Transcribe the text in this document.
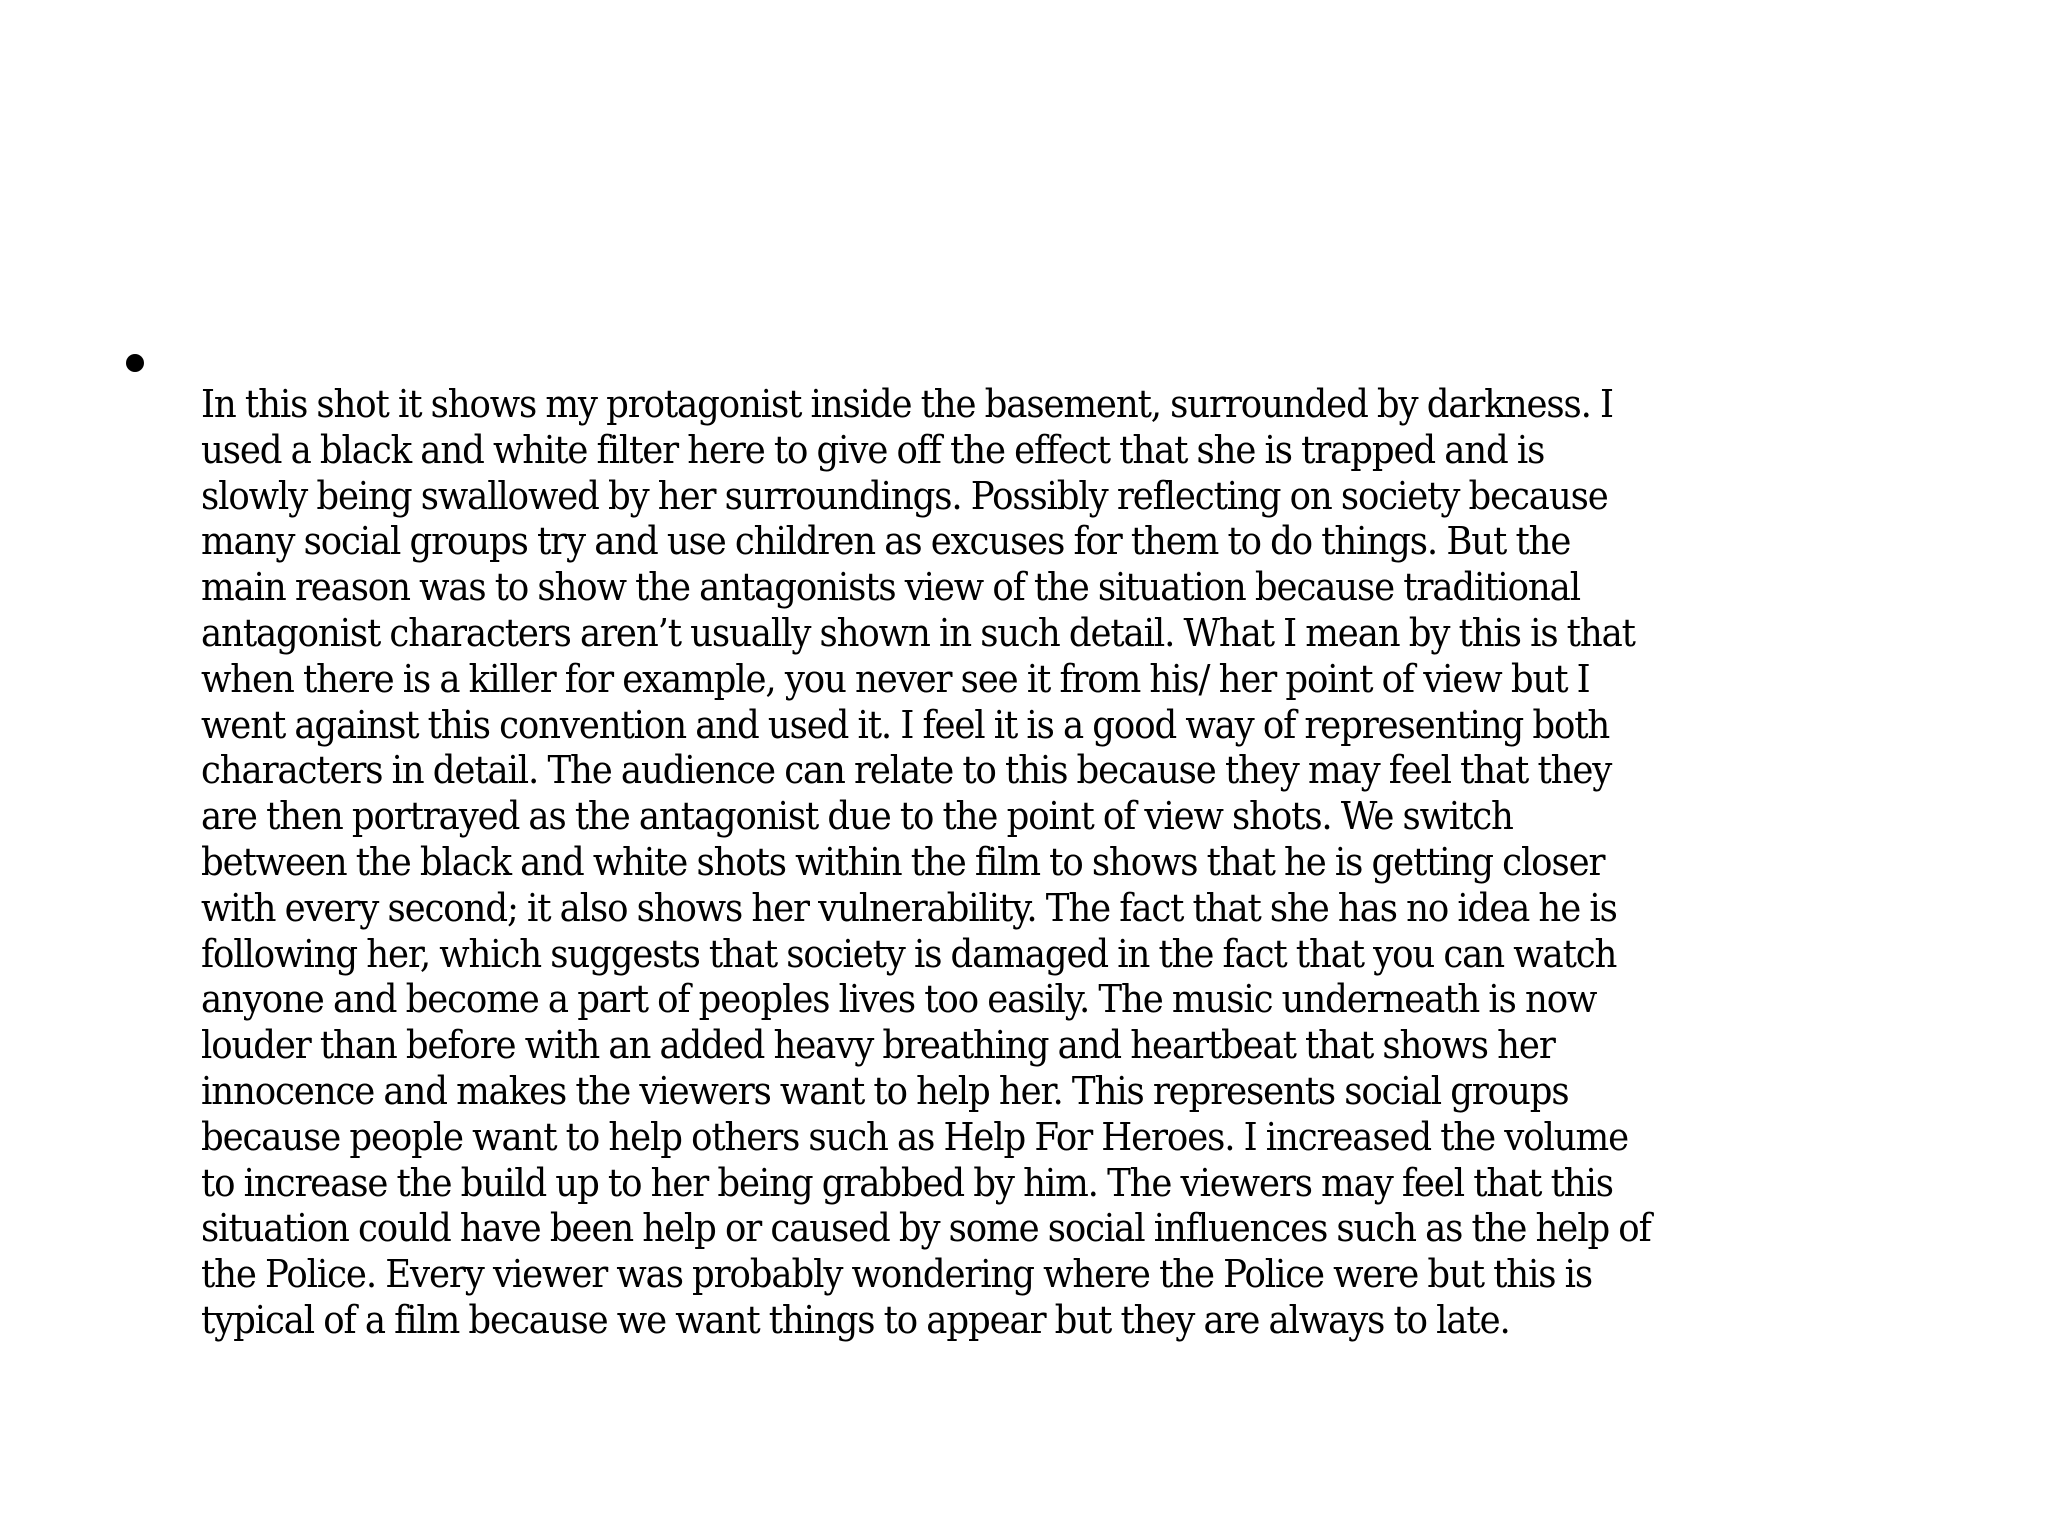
In this shot it shows my protagonist inside the basement, surrounded by darkness. I
used a black and white filter here to give off the effect that she is trapped and is
slowly being swallowed by her surroundings. Possibly reflecting on society because
many social groups try and use children as excuses for them to do things. But the
main reason was to show the antagonists view of the situation because traditional
antagonist characters aren’t usually shown in such detail. What I mean by this is that
when there is a killer for example, you never see it from his/ her point of view but I
went against this convention and used it. I feel it is a good way of representing both
characters in detail. The audience can relate to this because they may feel that they
are then portrayed as the antagonist due to the point of view shots. We switch
between the black and white shots within the film to shows that he is getting closer
with every second; it also shows her vulnerability. The fact that she has no idea he is
following her, which suggests that society is damaged in the fact that you can watch
anyone and become a part of peoples lives too easily. The music underneath is now
louder than before with an added heavy breathing and heartbeat that shows her
innocence and makes the viewers want to help her. This represents social groups
because people want to help others such as Help For Heroes. I increased the volume
to increase the build up to her being grabbed by him. The viewers may feel that this
situation could have been help or caused by some social influences such as the help of
the Police. Every viewer was probably wondering where the Police were but this is
typical of a film because we want things to appear but they are always to late.
